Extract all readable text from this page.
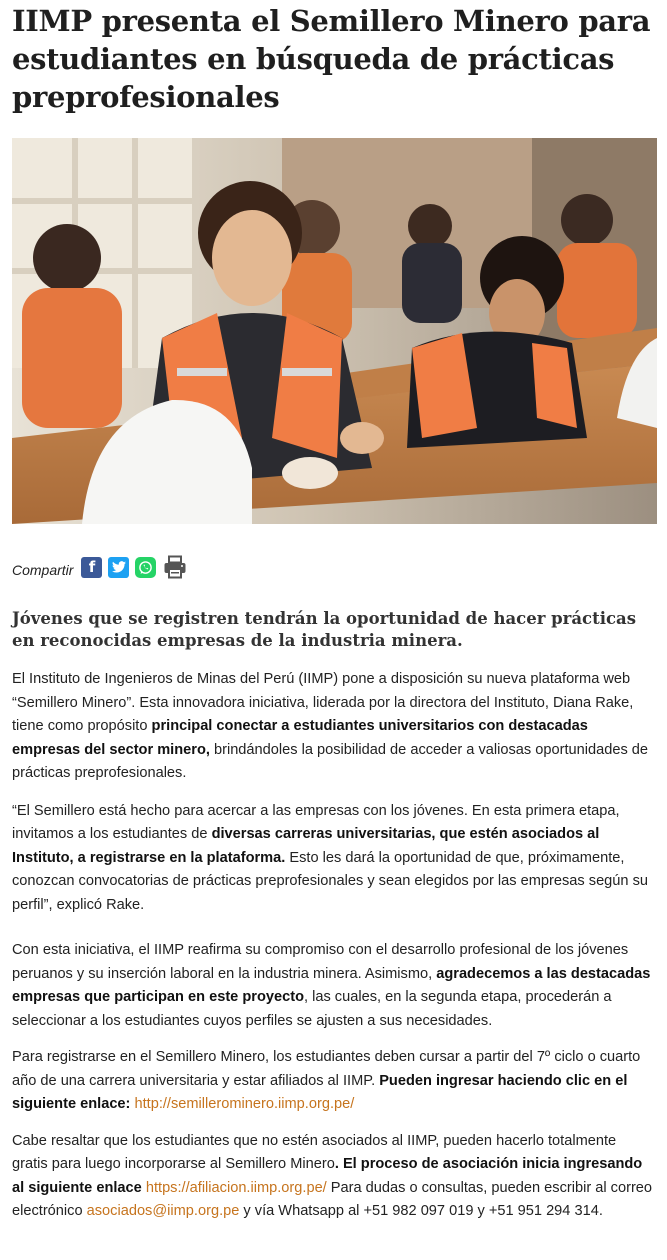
IIMP presenta el Semillero Minero para estudiantes en búsqueda de prácticas preprofesionales
Compartir	f
Jóvenes que se registren tendrán la oportunidad de hacer prácticas en reconocidas empresas de la industria minera.

El Instituto de Ingenieros de Minas del Perú (IIMP) pone a disposición su nueva plataforma web “Semillero Minero”. Esta innovadora iniciativa, liderada por la directora del Instituto, Diana Rake, tiene como propósito principal conectar a estudiantes universitarios con destacadas empresas del sector minero, brindándoles la posibilidad de acceder a valiosas oportunidades de prácticas preprofesionales.

“El Semillero está hecho para acercar a las empresas con los jóvenes. En esta primera etapa, invitamos a los estudiantes de diversas carreras universitarias, que estén asociados al Instituto, a registrarse en la plataforma. Esto les dará la oportunidad de que, próximamente, conozcan convocatorias de prácticas preprofesionales y sean elegidos por las empresas según su perfil”, explicó Rake.

Con esta iniciativa, el IIMP reafirma su compromiso con el desarrollo profesional de los jóvenes peruanos y su inserción laboral en la industria minera. Asimismo, agradecemos a las destacadas empresas que participan en este proyecto, las cuales, en la segunda etapa, procederán a seleccionar a los estudiantes cuyos perfiles se ajusten a sus necesidades.

Para registrarse en el Semillero Minero, los estudiantes deben cursar a partir del 7º ciclo o cuarto año de una carrera universitaria y estar afiliados al IIMP. Pueden ingresar haciendo clic en el siguiente enlace: http://semillerominero.iimp.org.pe/

Cabe resaltar que los estudiantes que no estén asociados al IIMP, pueden hacerlo totalmente gratis para luego incorporarse al Semillero Minero. El proceso de asociación inicia ingresando al siguiente enlace https://afiliacion.iimp.org.pe/ Para dudas o consultas, pueden escribir al correo electrónico asociados@iimp.org.pe y vía Whatsapp al +51 982 097 019 y +51 951 294 314.
